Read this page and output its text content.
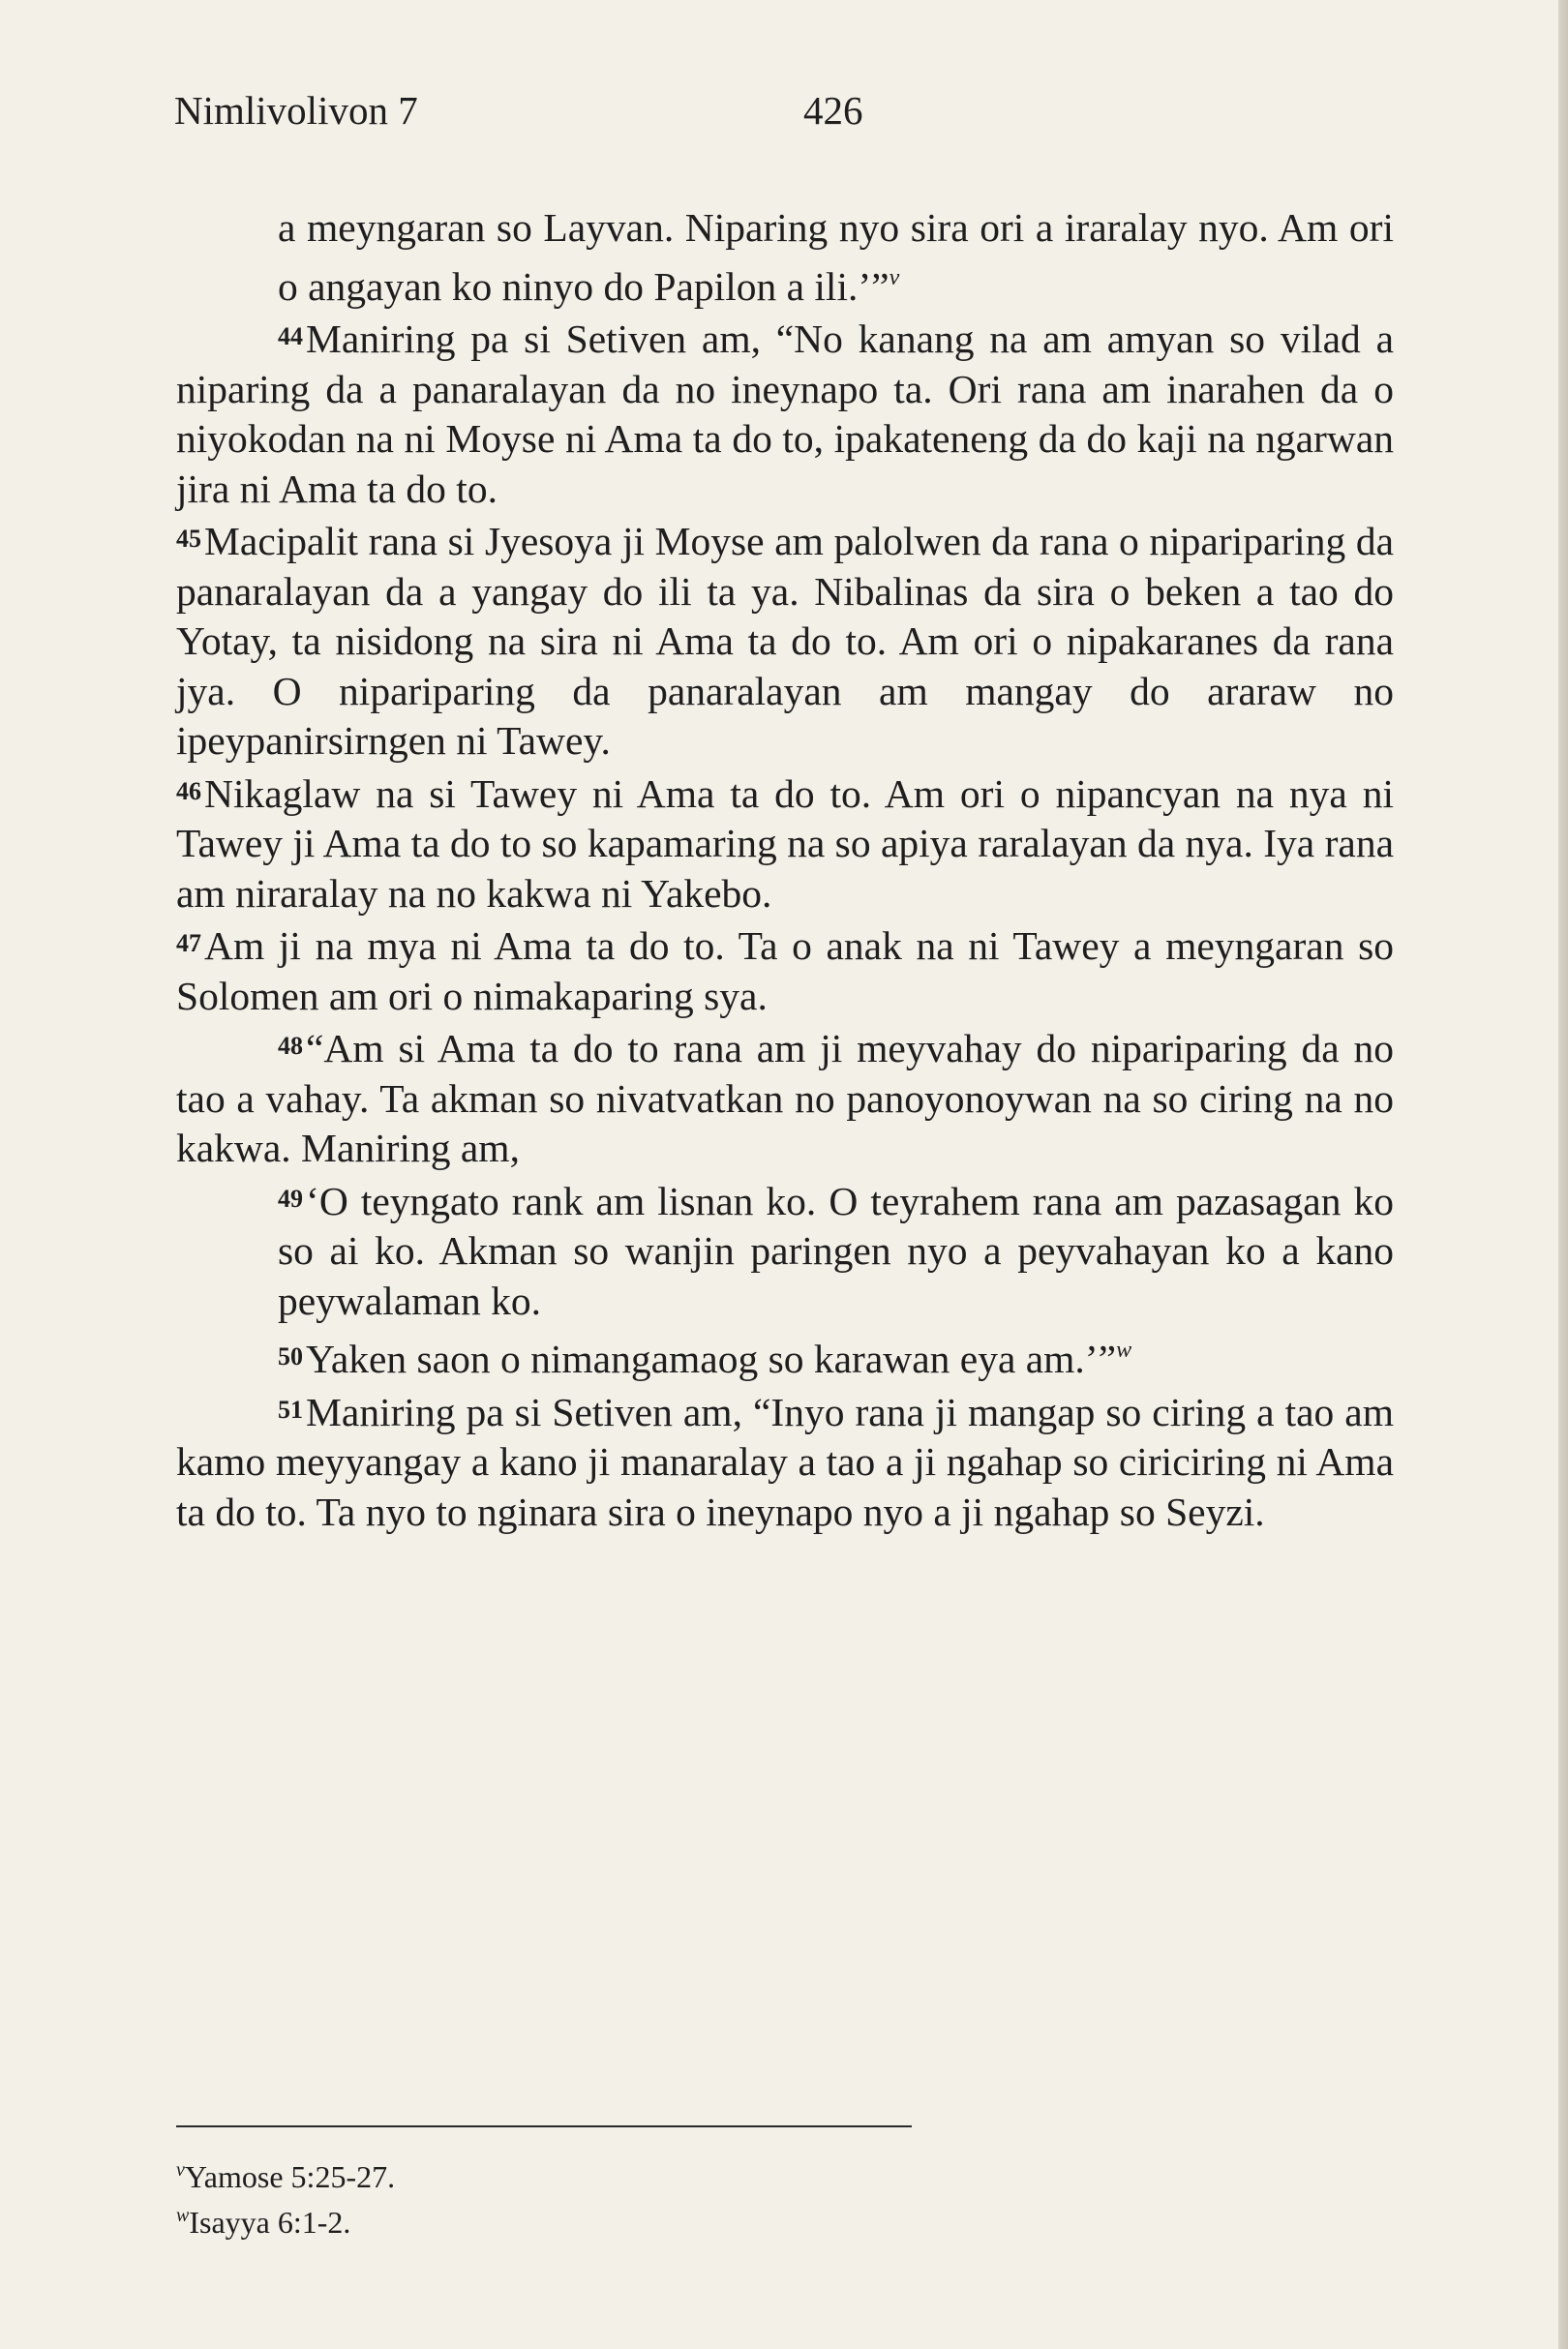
Nimlivolivon 7	426

a meyngaran so Layvan. Niparing nyo sira ori a iraralay nyo. Am ori o angayan ko ninyo do Papilon a ili.’”$^v$

44Maniring pa si Setiven am, “No kanang na am amyan so vilad a niparing da a panaralayan da no ineynapo ta. Ori rana am inarahen da o niyokodan na ni Moyse ni Ama ta do to, ipakateneng da do kaji na ngarwan jira ni Ama ta do to.

45Macipalit rana si Jyesoya ji Moyse am palolwen da rana o nipariparing da panaralayan da a yangay do ili ta ya. Nibalinas da sira o beken a tao do Yotay, ta nisidong na sira ni Ama ta do to. Am ori o nipakaranes da rana jya. O nipariparing da panaralayan am mangay do araraw no ipeypanirsirngen ni Tawey.

46Nikaglaw na si Tawey ni Ama ta do to. Am ori o nipancyan na nya ni Tawey ji Ama ta do to so kapamaring na so apiya raralayan da nya. Iya rana am niraralay na no kakwa ni Yakebo.

47Am ji na mya ni Ama ta do to. Ta o anak na ni Tawey a meyngaran so Solomen am ori o nimakaparing sya.

48“Am si Ama ta do to rana am ji meyvahay do nipariparing da no tao a vahay. Ta akman so nivatvatkan no panoyonoywan na so ciring na no kakwa. Maniring am,

49‘O teyngato rank am lisnan ko. O teyrahem rana am pazasagan ko so ai ko. Akman so wanjin paringen nyo a peyvahayan ko a kano peywalaman ko.

50Yaken saon o nimangamaog so karawan eya am.’”$^w$

51Maniring pa si Setiven am, “Inyo rana ji mangap so ciring a tao am kamo meyyangay a kano ji manaralay a tao a ji ngahap so ciriciring ni Ama ta do to. Ta nyo to nginara sira o ineynapo nyo a ji ngahap so Seyzi.

$^v$Yamose 5:25-27.

$^w$Isayya 6:1-2.
